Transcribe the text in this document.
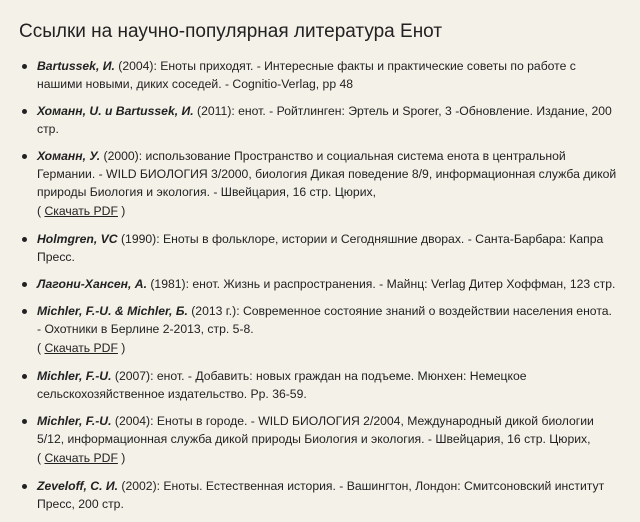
Ссылки на научно-популярная литература Енот
Bartussek, И. (2004): Еноты приходят. - Интересные факты и практические советы по работе с нашими новыми, диких соседей. - Cognitio-Verlag, pp 48
Хоманн, U. и Bartussek, И. (2011): енот. - Ройтлинген: Эртель и Sporer, 3 -Обновление. Издание, 200 стр.
Хоманн, У. (2000): использование Пространство и социальная система енота в центральной Германии. - WILD БИОЛОГИЯ 3/2000, биология Дикая поведение 8/9, информационная служба дикой природы Биология и экология. - Швейцария, 16 стр. Цюрих,
( Скачать PDF )
Holmgren, VC (1990): Еноты в фольклоре, истории и Сегодняшние дворах. - Санта-Барбара: Капра Пресс.
Лагони-Хансен, А. (1981): енот. Жизнь и распространения. - Майнц: Verlag Дитер Хоффман, 123 стр.
Michler, F.-U. & Michler, Б. (2013 г.): Современное состояние знаний о воздействии населения енота. - Охотники в Берлине 2-2013, стр. 5-8.
( Скачать PDF )
Michler, F.-U. (2007): енот. - Добавить: новых граждан на подъеме. Мюнхен: Немецкое сельскохозяйственное издательство. Pp. 36-59.
Michler, F.-U. (2004): Еноты в городе. - WILD БИОЛОГИЯ 2/2004, Международный дикой биологии 5/12, информационная служба дикой природы Биология и экология. - Швейцария, 16 стр. Цюрих,
( Скачать PDF )
Zeveloff, С. И. (2002): Еноты. Естественная история. - Вашингтон, Лондон: Смитсоновский институт Пресс, 200 стр.
